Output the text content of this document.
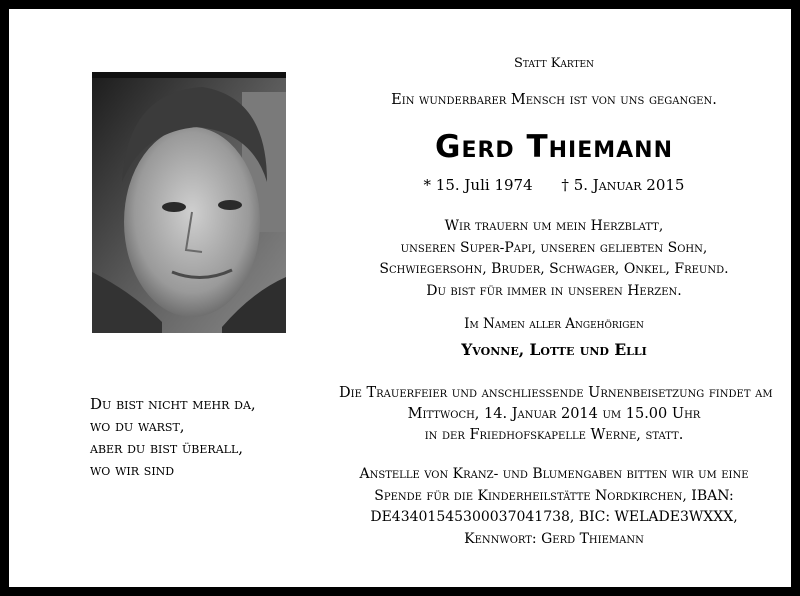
Du bist nicht mehr da,
wo du warst,
aber du bist überall,
wo wir sind
Statt Karten
Ein wunderbarer Mensch ist von uns gegangen.
Gerd Thiemann
* 15. Juli 1974 † 5. Januar 2015
Wir trauern um mein Herzblatt,
unseren Super-Papi, unseren geliebten Sohn,
Schwiegersohn, Bruder, Schwager, Onkel, Freund.
Du bist für immer in unseren Herzen.
Im Namen aller Angehörigen
Yvonne, Lotte und Elli
Die Trauerfeier und anschließende Urnenbeisetzung findet am
Mittwoch, 14. Januar 2014 um 15.00 Uhr
in der Friedhofskapelle Werne, statt.
Anstelle von Kranz- und Blumengaben bitten wir um eine
Spende für die Kinderheilstätte Nordkirchen, IBAN:
DE43401545300037041738, BIC: WELADE3WXXX,
Kennwort: Gerd Thiemann
